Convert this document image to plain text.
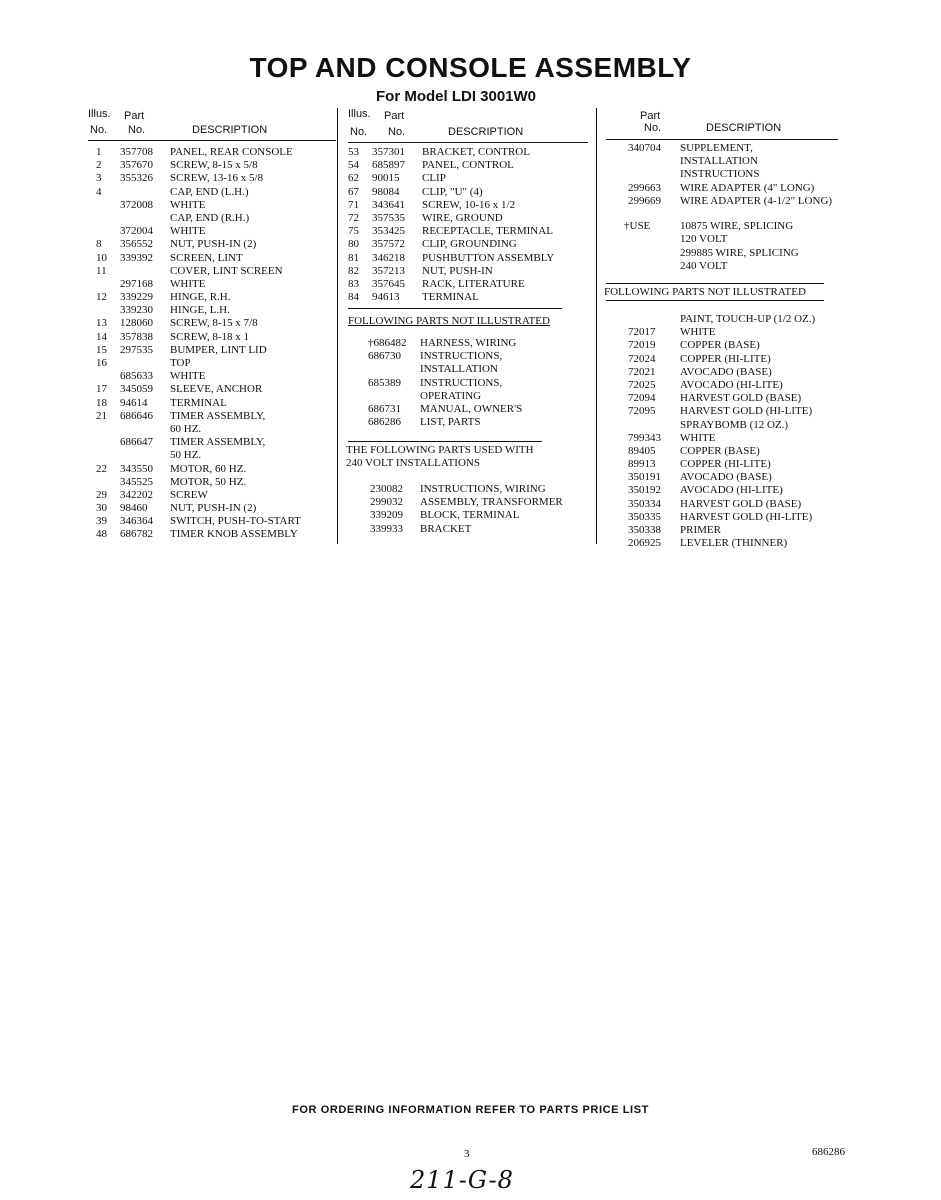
TOP AND CONSOLE ASSEMBLY
For Model LDI 3001W0
Illus. Part
No. No.	DESCRIPTION
1 357708 PANEL, REAR CONSOLE
2 357670 SCREW, 8-15 x 5/8
3 355326 SCREW, 13-16 x 5/8
4	CAP, END (L.H.)
372008 WHITE
CAP, END (R.H.)
372004 WHITE
8 356552 NUT, PUSH-IN (2)
10 339392 SCREEN, LINT
11	COVER, LINT SCREEN
297168 WHITE
12 339229 HINGE, R.H.
339230 HINGE, L.H.
13 128060 SCREW, 8-15 x 7/8
14 357838 SCREW, 8-18 x 1
15 297535 BUMPER, LINT LID
16	TOP
685633 WHITE
17 345059 SLEEVE, ANCHOR
18 94614 TERMINAL
21 686646 TIMER ASSEMBLY,
60 HZ.
686647 TIMER ASSEMBLY,
50 HZ.
22 343550 MOTOR, 60 HZ.
345525 MOTOR, 50 HZ.
29 342202 SCREW
30 98460 NUT, PUSH-IN (2)
39 346364 SWITCH, PUSH-TO-START
48 686782 TIMER KNOB ASSEMBLY
Illus. Part
No. No.	DESCRIPTION
53 357301 BRACKET, CONTROL
54 685897 PANEL, CONTROL
62 90015 CLIP
67 98084 CLIP, "U" (4)
71 343641 SCREW, 10-16 x 1/2
72 357535 WIRE, GROUND
75 353425 RECEPTACLE, TERMINAL
80 357572 CLIP, GROUNDING
81 346218 PUSHBUTTON ASSEMBLY
82 357213 NUT, PUSH-IN
83 357645 RACK, LITERATURE
84 94613 TERMINAL
FOLLOWING PARTS NOT ILLUSTRATED
†686482 HARNESS, WIRING
686730 INSTRUCTIONS,
INSTALLATION
685389 INSTRUCTIONS,
OPERATING
686731 MANUAL, OWNER'S
686286 LIST, PARTS
THE FOLLOWING PARTS USED WITH
240 VOLT INSTALLATIONS
230082 INSTRUCTIONS, WIRING
299032 ASSEMBLY, TRANSFORMER
339209 BLOCK, TERMINAL
339933 BRACKET
Part
No.	DESCRIPTION
340704 SUPPLEMENT,
INSTALLATION
INSTRUCTIONS
299663 WIRE ADAPTER (4" LONG)
299669 WIRE ADAPTER (4-1/2" LONG)
†USE	10875 WIRE, SPLICING
120 VOLT
299885 WIRE, SPLICING
240 VOLT
FOLLOWING PARTS NOT ILLUSTRATED
PAINT, TOUCH-UP (1/2 OZ.)
72017 WHITE
72019 COPPER (BASE)
72024 COPPER (HI-LITE)
72021 AVOCADO (BASE)
72025 AVOCADO (HI-LITE)
72094 HARVEST GOLD (BASE)
72095 HARVEST GOLD (HI-LITE)
SPRAYBOMB (12 OZ.)
799343 WHITE
89405 COPPER (BASE)
89913 COPPER (HI-LITE)
350191 AVOCADO (BASE)
350192 AVOCADO (HI-LITE)
350334 HARVEST GOLD (BASE)
350335 HARVEST GOLD (HI-LITE)
350338 PRIMER
206925 LEVELER (THINNER)
FOR ORDERING INFORMATION REFER TO PARTS PRICE LIST
3	686286
211-G-8
